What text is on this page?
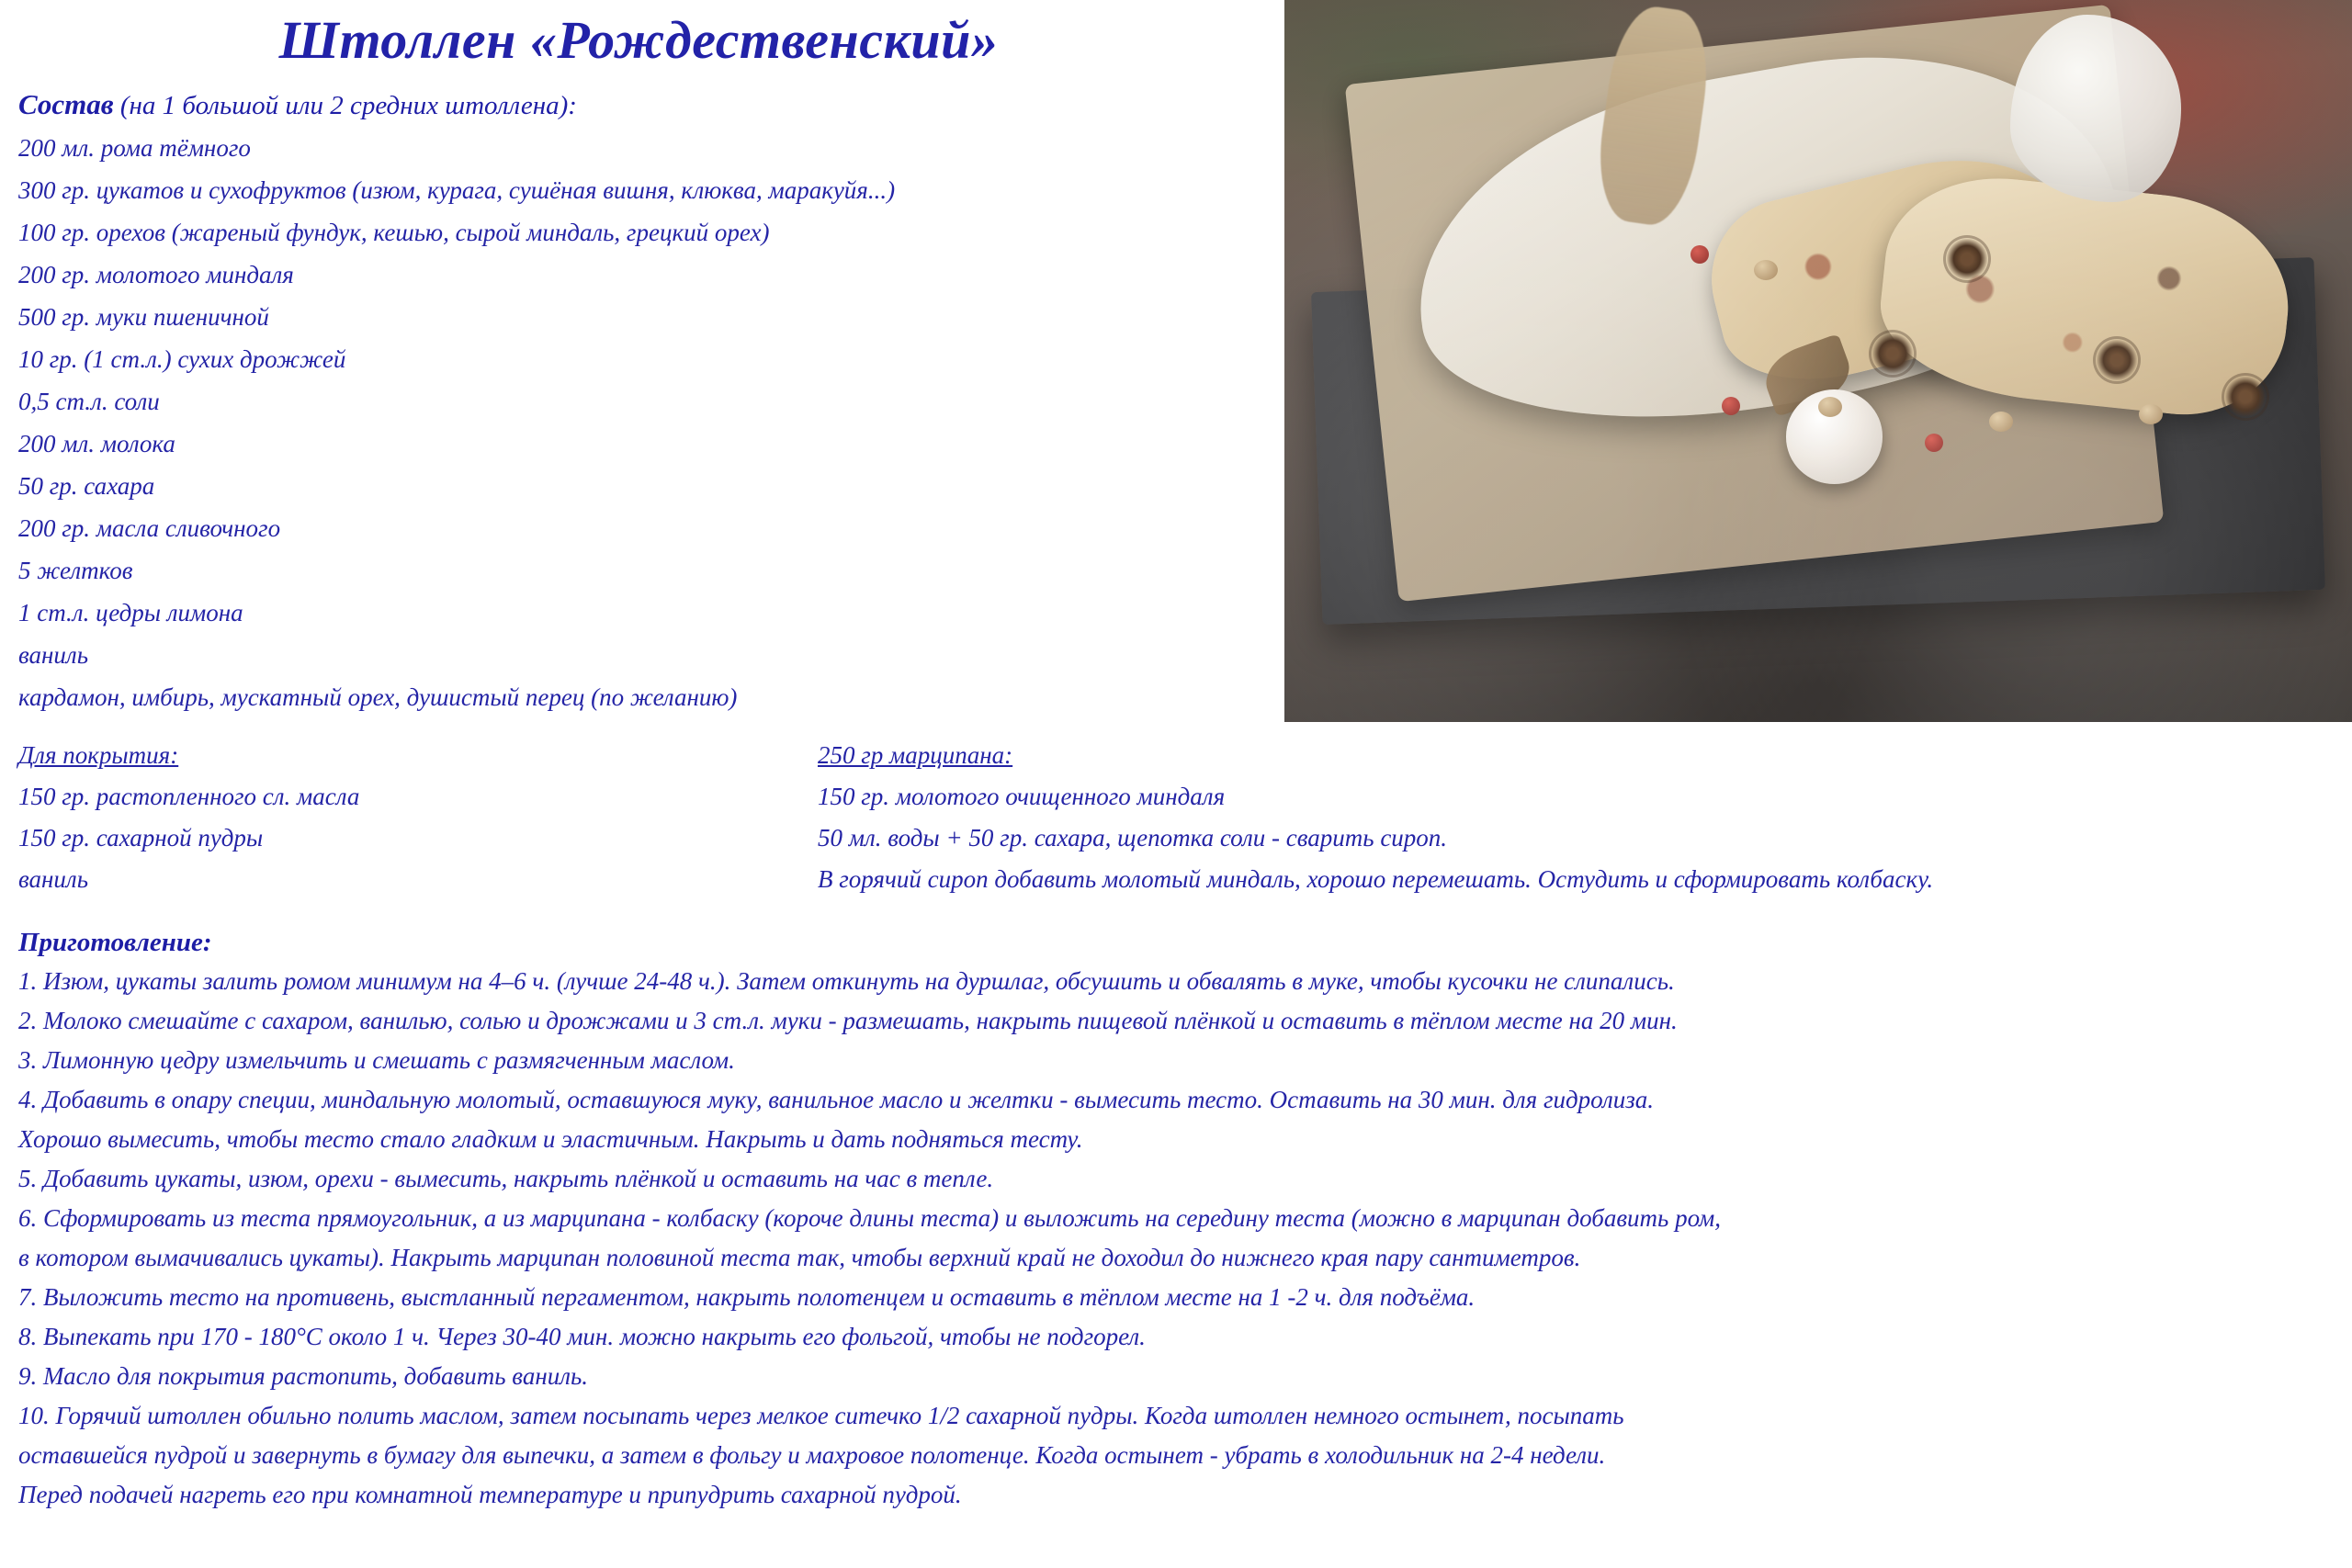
Штоллен «Рождественский»
Состав (на 1 большой или 2 средних штоллена):
200 мл. рома тёмного
300 гр. цукатов и сухофруктов (изюм, курага, сушёная вишня, клюква, маракуйя...)
100 гр. орехов (жареный фундук, кешью, сырой миндаль, грецкий орех)
200 гр. молотого миндаля
500 гр. муки пшеничной
10 гр. (1 ст.л.) сухих дрожжей
0,5 ст.л. соли
200 мл. молока
50 гр. сахара
200 гр. масла сливочного
5 желтков
1 ст.л. цедры лимона
ваниль
кардамон, имбирь, мускатный орех, душистый перец (по желанию)
Для покрытия:
150 гр. растопленного сл. масла
150 гр. сахарной пудры
ваниль
250 гр марципана:
150 гр. молотого очищенного миндаля
50 мл. воды + 50 гр. сахара, щепотка соли - сварить сироп.
В горячий сироп добавить молотый миндаль, хорошо перемешать. Остудить и сформировать колбаску.
Приготовление:
1. Изюм, цукаты залить ромом минимум на 4–6 ч. (лучше 24-48 ч.). Затем откинуть на дуршлаг, обсушить и обвалять в муке, чтобы кусочки не слипались.
2. Молоко смешайте с сахаром, ванилью, солью и дрожжами и 3 ст.л. муки - размешать, накрыть пищевой плёнкой и оставить в тёплом месте на 20 мин.
3. Лимонную цедру измельчить и смешать с размягченным маслом.
4. Добавить в опару специи, миндальную молотый, оставшуюся муку, ванильное масло и желтки - вымесить тесто. Оставить на 30 мин. для гидролиза.
Хорошо вымесить, чтобы тесто стало гладким и эластичным. Накрыть и дать подняться тесту.
5. Добавить цукаты, изюм, орехи - вымесить, накрыть плёнкой и оставить на час в тепле.
6. Сформировать из теста прямоугольник, а из марципана - колбаску (короче длины теста) и выложить на середину теста (можно в марципан добавить ром,
в котором вымачивались цукаты). Накрыть марципан половиной теста так, чтобы верхний край не доходил до нижнего края пару сантиметров.
7. Выложить тесто на противень, выстланный пергаментом, накрыть полотенцем и оставить в тёплом месте на 1 -2 ч. для подъёма.
8. Выпекать при 170 - 180°C около 1 ч. Через 30-40 мин. можно накрыть его фольгой, чтобы не подгорел.
9. Масло для покрытия растопить, добавить ваниль.
10. Горячий штоллен обильно полить маслом, затем посыпать через мелкое ситечко 1/2 сахарной пудры. Когда штоллен немного остынет, посыпать
оставшейся пудрой и завернуть в бумагу для выпечки, а затем в фольгу и махровое полотенце. Когда остынет - убрать в холодильник на 2-4 недели.
Перед подачей нагреть его при комнатной температуре и припудрить сахарной пудрой.
